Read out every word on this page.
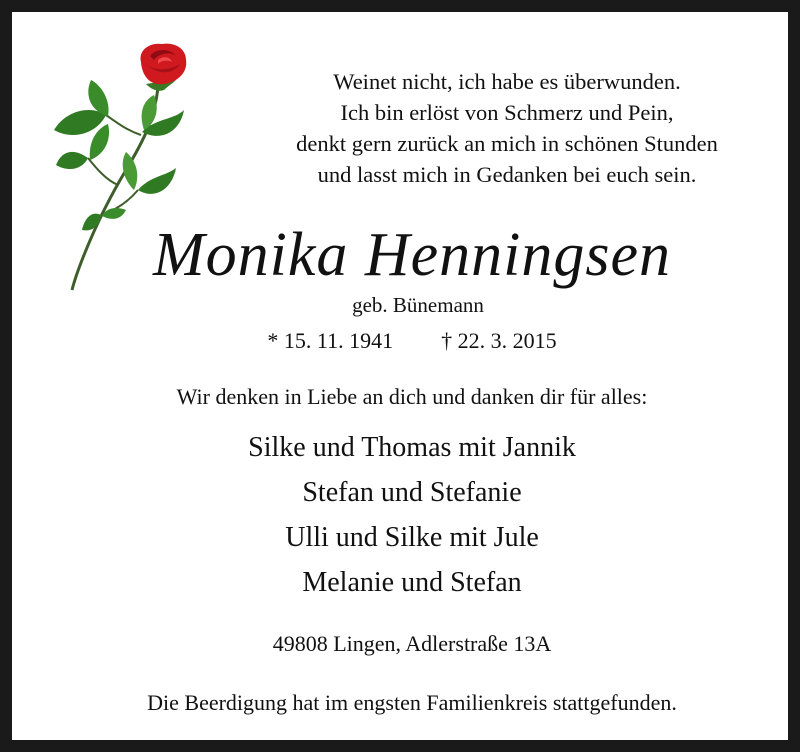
Weinet nicht, ich habe es überwunden.
Ich bin erlöst von Schmerz und Pein,
denkt gern zurück an mich in schönen Stunden
und lasst mich in Gedanken bei euch sein.
Monika Henningsen
geb. Bünemann
* 15. 11. 1941 † 22. 3. 2015
Wir denken in Liebe an dich und danken dir für alles:
Silke und Thomas mit Jannik
Stefan und Stefanie
Ulli und Silke mit Jule
Melanie und Stefan
49808 Lingen, Adlerstraße 13A
Die Beerdigung hat im engsten Familienkreis stattgefunden.
